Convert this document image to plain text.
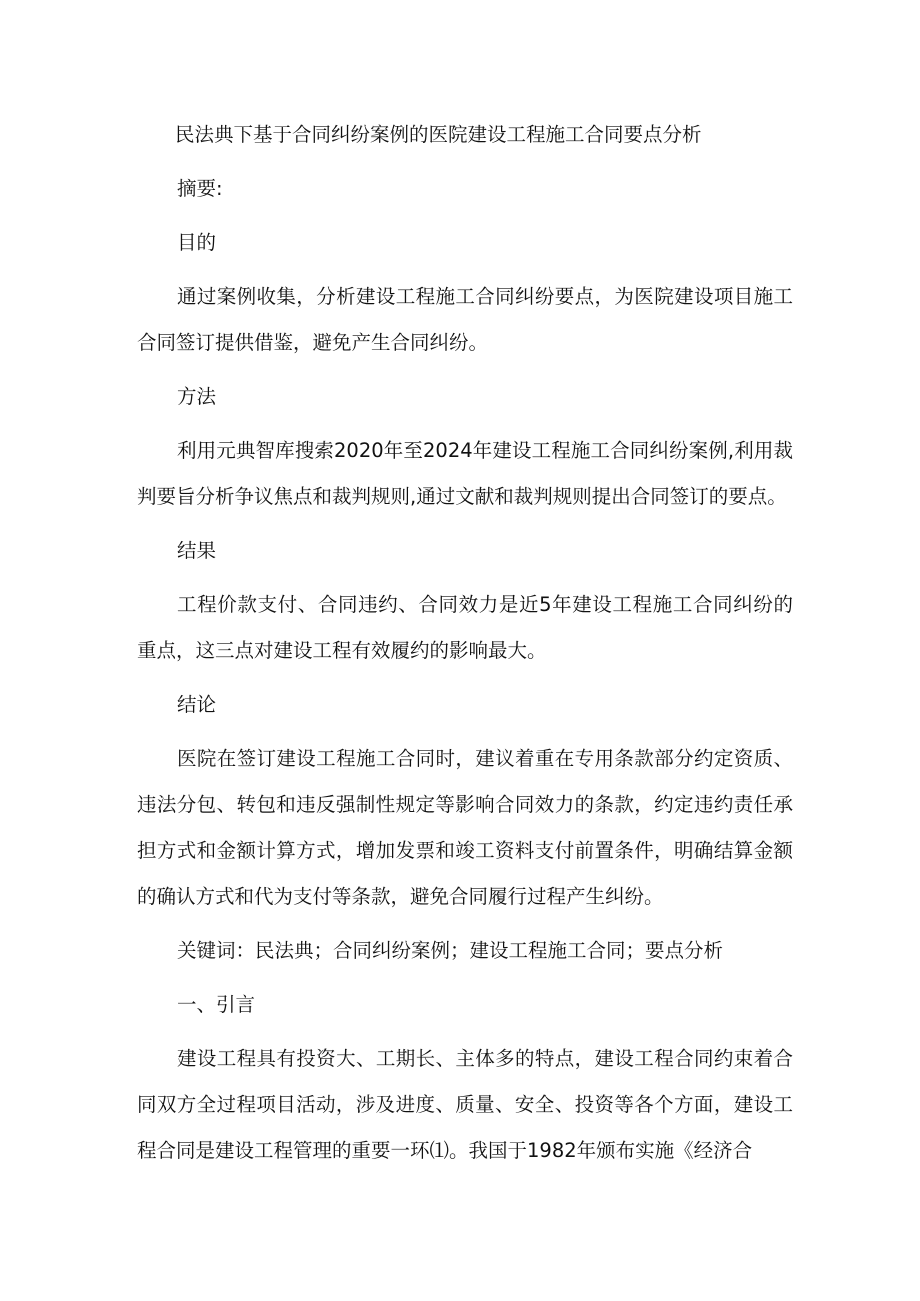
民法典下基于合同纠纷案例的医院建设工程施工合同要点分析

摘要:

目的

通过案例收集，分析建设工程施工合同纠纷要点，为医院建设项目施工合同签订提供借鉴，避免产生合同纠纷。

方法

利用元典智库搜索2020年至2024年建设工程施工合同纠纷案例,利用裁判要旨分析争议焦点和裁判规则,通过文献和裁判规则提出合同签订的要点。

结果

工程价款支付、合同违约、合同效力是近5年建设工程施工合同纠纷的重点，这三点对建设工程有效履约的影响最大。

结论

医院在签订建设工程施工合同时，建议着重在专用条款部分约定资质、违法分包、转包和违反强制性规定等影响合同效力的条款，约定违约责任承担方式和金额计算方式，增加发票和竣工资料支付前置条件，明确结算金额的确认方式和代为支付等条款，避免合同履行过程产生纠纷。

关键词：民法典；合同纠纷案例；建设工程施工合同；要点分析

一、引言

建设工程具有投资大、工期长、主体多的特点，建设工程合同约束着合同双方全过程项目活动，涉及进度、质量、安全、投资等各个方面，建设工程合同是建设工程管理的重要一环⑴。我国于1982年颁布实施《经济合
